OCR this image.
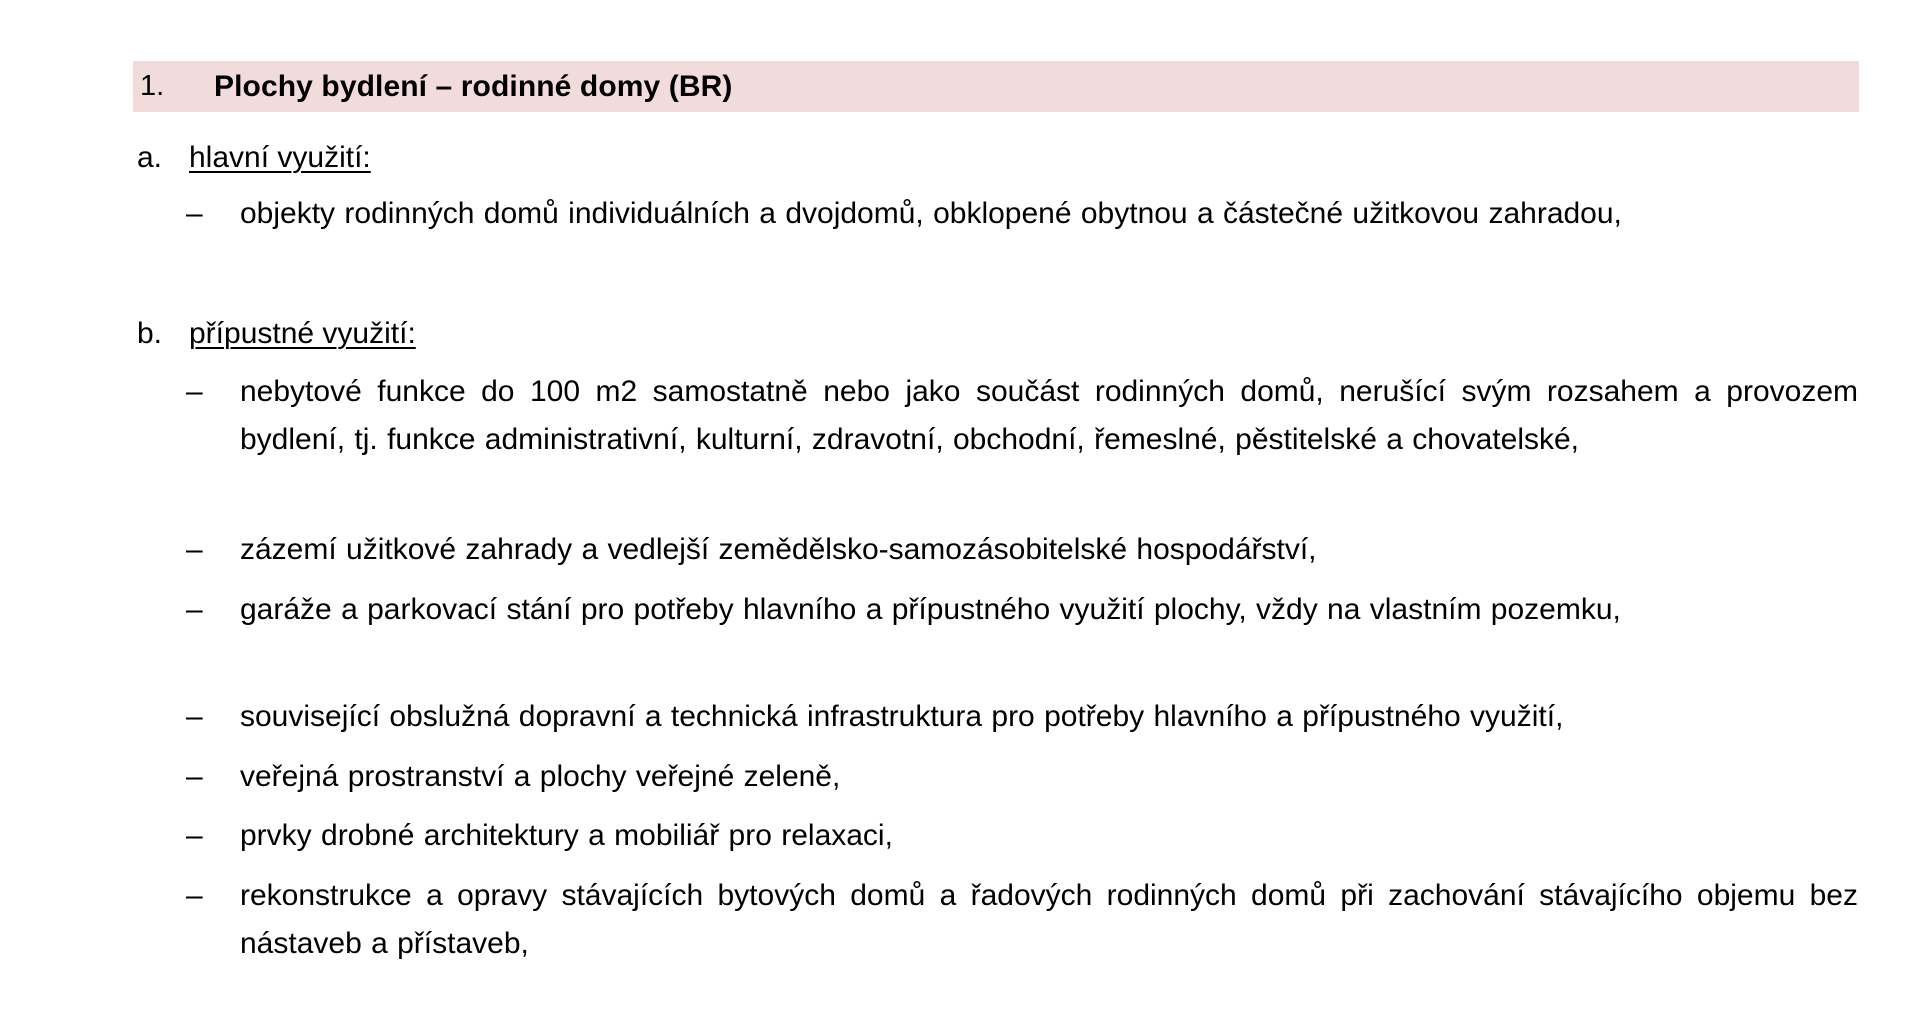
1. Plochy bydlení – rodinné domy (BR)
a. hlavní využití:
–	objekty rodinných domů individuálních a dvojdomů, obklopené obytnou a částečné užitkovou zahradou,
b. přípustné využití:
–	nebytové funkce do 100 m2 samostatně nebo jako součást rodinných domů, nerušící svým rozsahem a provozem bydlení, tj. funkce administrativní, kulturní, zdravotní, obchodní, řemeslné, pěstitelské a chovatelské,
–	zázemí užitkové zahrady a vedlejší zemědělsko-samozásobitelské hospodářství,
–	garáže a parkovací stání pro potřeby hlavního a přípustného využití plochy, vždy na vlastním pozemku,
–	související obslužná dopravní a technická infrastruktura pro potřeby hlavního a přípustného využití,
–	veřejná prostranství a plochy veřejné zeleně,
–	prvky drobné architektury a mobiliář pro relaxaci,
–	rekonstrukce a opravy stávajících bytových domů a řadových rodinných domů při zachování stávajícího objemu bez nástaveb a přístaveb,
